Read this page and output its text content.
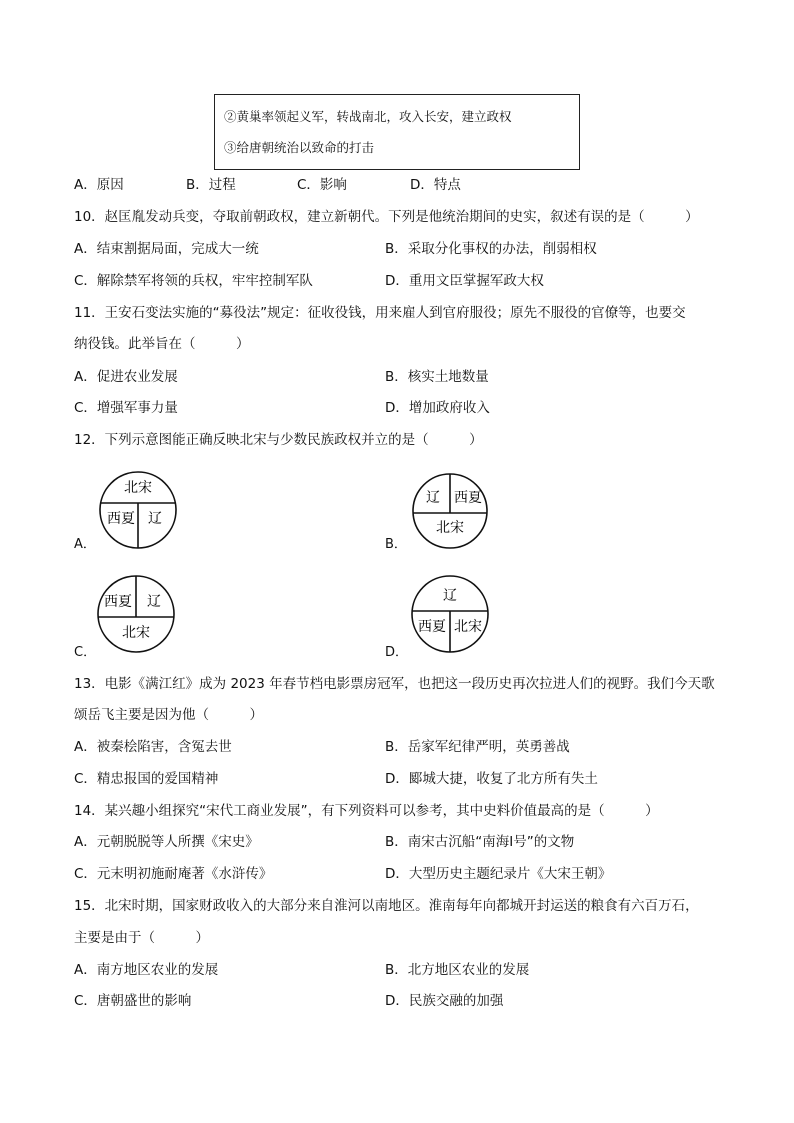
②黄巢率领起义军，转战南北，攻入长安，建立政权
③给唐朝统治以致命的打击
A．原因	B．过程	C．影响	D．特点
10．赵匡胤发动兵变，夺取前朝政权，建立新朝代。下列是他统治期间的史实，叙述有误的是（　　　）
A．结束割据局面，完成大一统	B．采取分化事权的办法，削弱相权
C．解除禁军将领的兵权，牢牢控制军队	D．重用文臣掌握军政大权
11．王安石变法实施的“募役法”规定：征收役钱，用来雇人到官府服役；原先不服役的官僚等，也要交
纳役钱。此举旨在（　　　）
A．促进农业发展	B．核实土地数量
C．增强军事力量	D．增加政府收入
12．下列示意图能正确反映北宋与少数民族政权并立的是（　　　）
A．
北宋
西夏 辽
B．
辽 西夏
北宋
C．
西夏 辽
北宋
D．
辽
西夏 北宋
13．电影《满江红》成为 2023 年春节档电影票房冠军，也把这一段历史再次拉进人们的视野。我们今天歌
颂岳飞主要是因为他（　　　）
A．被秦桧陷害，含冤去世	B．岳家军纪律严明，英勇善战
C．精忠报国的爱国精神	D．郾城大捷，收复了北方所有失土
14．某兴趣小组探究“宋代工商业发展”，有下列资料可以参考，其中史料价值最高的是（　　　）
A．元朝脱脱等人所撰《宋史》	B．南宋古沉船“南海Ⅰ号”的文物
C．元末明初施耐庵著《水浒传》	D．大型历史主题纪录片《大宋王朝》
15．北宋时期，国家财政收入的大部分来自淮河以南地区。淮南每年向都城开封运送的粮食有六百万石，
主要是由于（　　　）
A．南方地区农业的发展	B．北方地区农业的发展
C．唐朝盛世的影响	D．民族交融的加强
